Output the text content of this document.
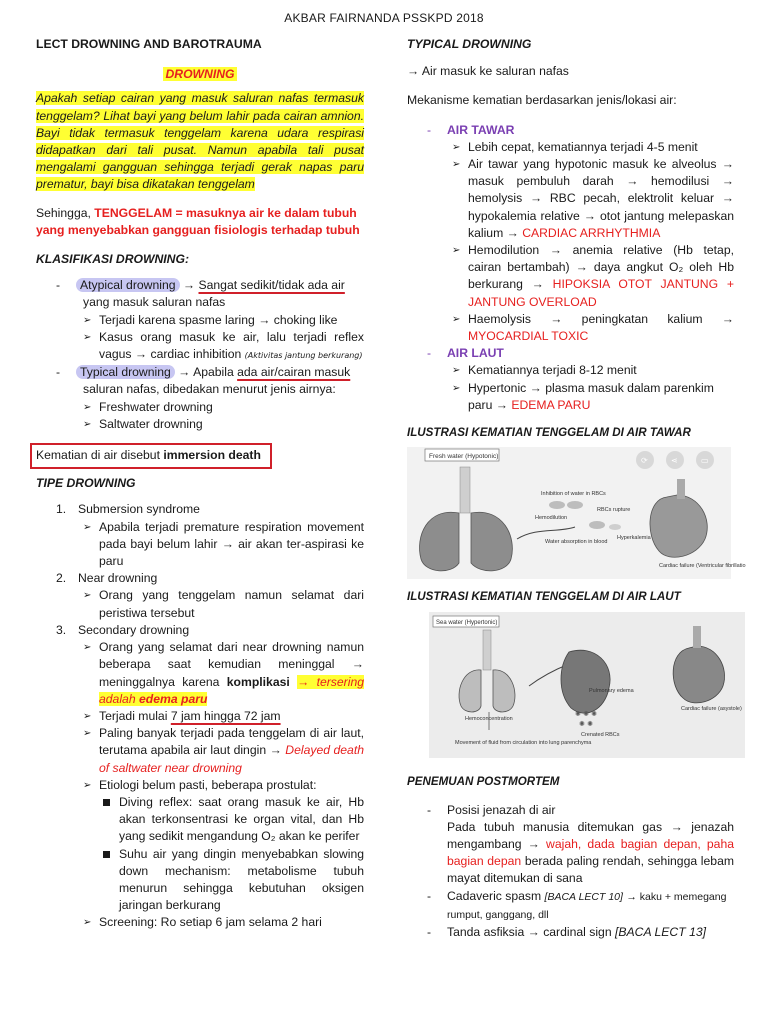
AKBAR FAIRNANDA PSSKPD 2018
LECT DROWNING AND BAROTRAUMA
DROWNING
Apakah setiap cairan yang masuk saluran nafas termasuk tenggelam? Lihat bayi yang belum lahir pada cairan amnion. Bayi tidak termasuk tenggelam karena udara respirasi didapatkan dari tali pusat. Namun apabila tali pusat mengalami gangguan sehingga terjadi gerak napas paru prematur, bayi bisa dikatakan tenggelam
Sehingga, TENGGELAM = masuknya air ke dalam tubuh yang menyebabkan gangguan fisiologis terhadap tubuh
KLASIFIKASI DROWNING:
-	Atypical drowning → Sangat sedikit/tidak ada air
yang masuk saluran nafas
➢ Terjadi karena spasme laring → choking like
➢ Kasus orang masuk ke air, lalu terjadi reflex vagus → cardiac inhibition (Aktivitas jantung berkurang)
-	Typical drowning → Apabila ada air/cairan masuk
saluran nafas, dibedakan menurut jenis airnya:
➢ Freshwater drowning
➢ Saltwater drowning
Kematian di air disebut immersion death
TIPE DROWNING
1. Submersion syndrome
➢ Apabila terjadi premature respiration movement pada bayi belum lahir → air akan ter-aspirasi ke paru
2. Near drowning
➢ Orang yang tenggelam namun selamat dari peristiwa tersebut
3. Secondary drowning
➢ Orang yang selamat dari near drowning namun beberapa saat kemudian meninggal → meninggalnya karena komplikasi → tersering adalah edema paru
➢ Terjadi mulai 7 jam hingga 72 jam
➢ Paling banyak terjadi pada tenggelam di air laut, terutama apabila air laut dingin → Delayed death of saltwater near drowning
➢ Etiologi belum pasti, beberapa prostulat:
Diving reflex: saat orang masuk ke air, Hb akan terkonsentrasi ke organ vital, dan Hb yang sedikit mengandung O₂ akan ke perifer
Suhu air yang dingin menyebabkan slowing down mechanism: metabolisme tubuh menurun sehingga kebutuhan oksigen jaringan berkurang
➢ Screening: Ro setiap 6 jam selama 2 hari
TYPICAL DROWNING
→ Air masuk ke saluran nafas
Mekanisme kematian berdasarkan jenis/lokasi air:
-	AIR TAWAR
➢ Lebih cepat, kematiannya terjadi 4-5 menit
➢ Air tawar yang hypotonic masuk ke alveolus → masuk pembuluh darah → hemodilusi → hemolysis → RBC pecah, elektrolit keluar → hypokalemia relative → otot jantung melepaskan kalium → CARDIAC ARRHYTHMIA
➢ Hemodilution → anemia relative (Hb tetap, cairan bertambah) → daya angkut O₂ oleh Hb berkurang → HIPOKSIA OTOT JANTUNG + JANTUNG OVERLOAD
➢ Haemolysis → peningkatan kalium → MYOCARDIAL TOXIC
-	AIR LAUT
➢ Kematiannya terjadi 8-12 menit
➢ Hypertonic → plasma masuk dalam parenkim paru → EDEMA PARU
ILUSTRASI KEMATIAN TENGGELAM DI AIR TAWAR
Fresh water (Hypotonic)	⟳	⋖	▭
Inhibition of water in RBCs
RBCs rupture
Hemodilution
Water absorption in blood
Hyperkalemia
Cardiac failure (Ventricular fibrillatio
ILUSTRASI KEMATIAN TENGGELAM DI AIR LAUT
Sea water (Hypertonic)
Pulmonary edema
Cardiac failure (asystole)
Hemoconcentration
✺ ✺ ✺
✺ ✺
Crenated RBCs
Movement of fluid from circulation into lung parenchyma
PENEMUAN POSTMORTEM
-	Posisi jenazah di air
Pada tubuh manusia ditemukan gas → jenazah mengambang → wajah, dada bagian depan, paha bagian depan berada paling rendah, sehingga lebam mayat ditemukan di sana
-	Cadaveric spasm [BACA LECT 10] → kaku + memegang rumput, ganggang, dll
-	Tanda asfiksia → cardinal sign [BACA LECT 13]
